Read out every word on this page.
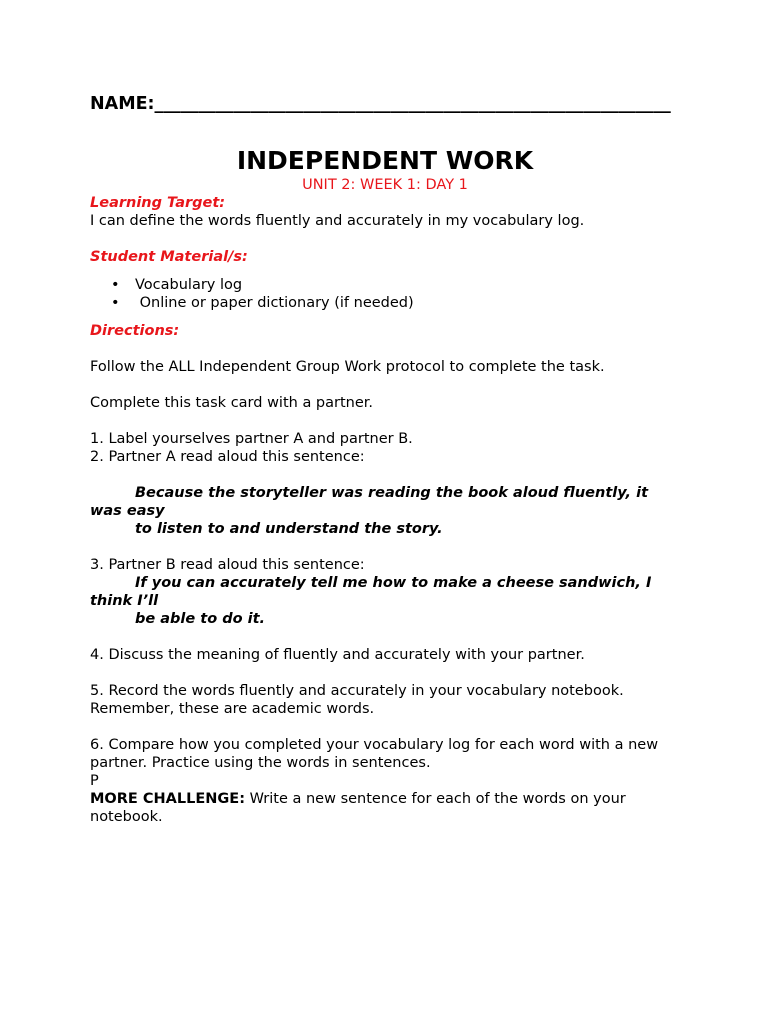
NAME:___________________________________________________________
INDEPENDENT WORK
UNIT 2: WEEK 1: DAY 1
Learning Target:
I can define the words fluently and accurately in my vocabulary log.
Student Material/s:
• Vocabulary log
• Online or paper dictionary (if needed)
Directions:
Follow the ALL Independent Group Work protocol to complete the task.
Complete this task card with a partner.
1. Label yourselves partner A and partner B.
2. Partner A read aloud this sentence:
Because the storyteller was reading the book aloud fluently, it was easy
to listen to and understand the story.
3. Partner B read aloud this sentence:
If you can accurately tell me how to make a cheese sandwich, I think I’ll
be able to do it.
4. Discuss the meaning of fluently and accurately with your partner.
5. Record the words fluently and accurately in your vocabulary notebook. Remember, these are academic words.
6. Compare how you completed your vocabulary log for each word with a new partner. Practice using the words in sentences.
P
MORE CHALLENGE: Write a new sentence for each of the words on your notebook.
